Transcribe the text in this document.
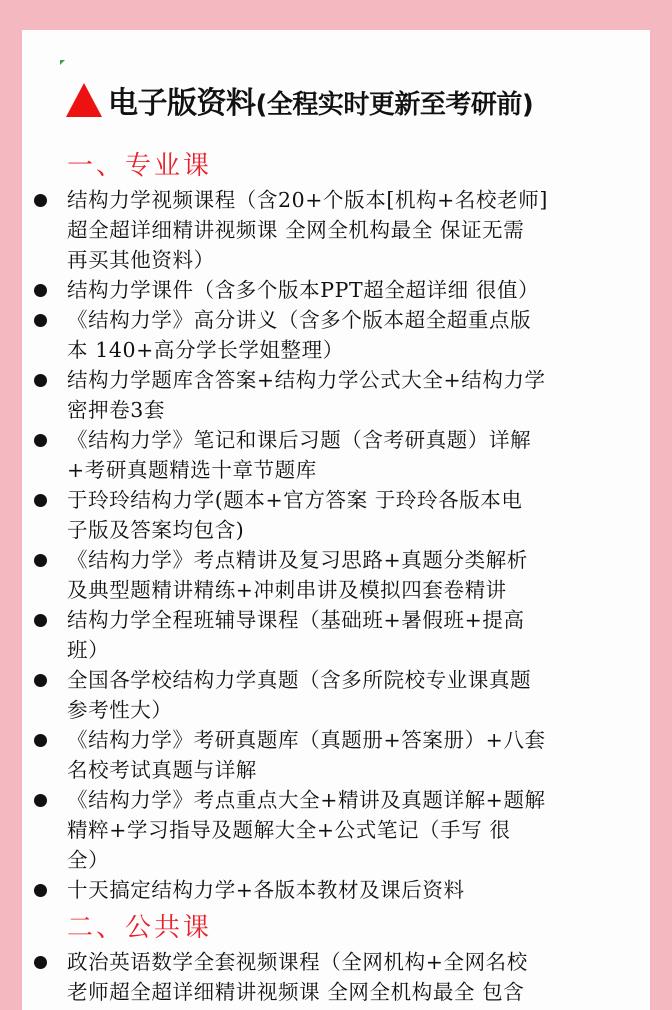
电子版资料(全程实时更新至考研前)
一、专业课
结构力学视频课程（含20+个版本[机构+名校老师]
超全超详细精讲视频课 全网全机构最全 保证无需
再买其他资料）
结构力学课件（含多个版本PPT超全超详细 很值）
《结构力学》高分讲义（含多个版本超全超重点版
本 140+高分学长学姐整理）
结构力学题库含答案+结构力学公式大全+结构力学
密押卷3套
《结构力学》笔记和课后习题（含考研真题）详解
+考研真题精选十章节题库
于玲玲结构力学(题本+官方答案 于玲玲各版本电
子版及答案均包含)
《结构力学》考点精讲及复习思路+真题分类解析
及典型题精讲精练+冲刺串讲及模拟四套卷精讲
结构力学全程班辅导课程（基础班+暑假班+提高
班）
全国各学校结构力学真题（含多所院校专业课真题
参考性大）
《结构力学》考研真题库（真题册+答案册）+八套
名校考试真题与详解
《结构力学》考点重点大全+精讲及真题详解+题解
精粹+学习指导及题解大全+公式笔记（手写 很
全）
十天搞定结构力学+各版本教材及课后资料
二、公共课
政治英语数学全套视频课程（全网机构+全网名校
老师超全超详细精讲视频课 全网全机构最全 包含
